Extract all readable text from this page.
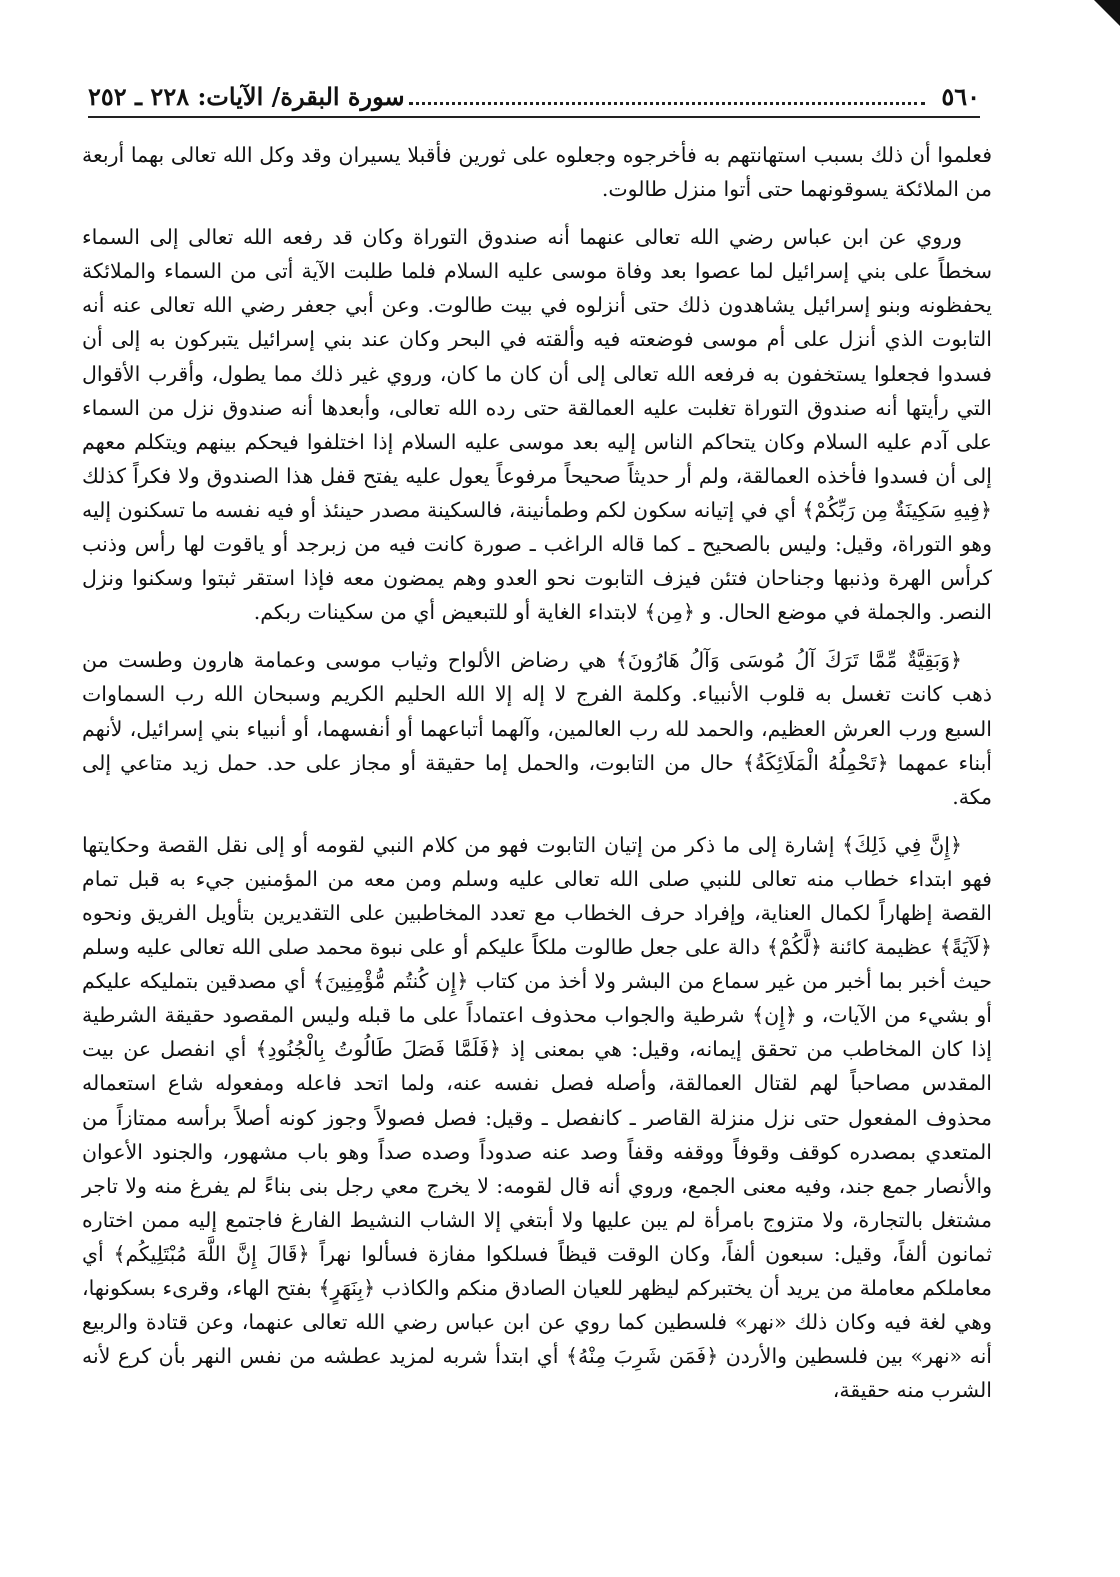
٥٦٠
سورة البقرة/ الآيات: ٢٢٨ ـ ٢٥٢

فعلموا أن ذلك بسبب استهانتهم به فأخرجوه وجعلوه على ثورين فأقبلا يسيران وقد وكل الله تعالى بهما أربعة من الملائكة يسوقونهما حتى أتوا منزل طالوت.

وروي عن ابن عباس رضي الله تعالى عنهما أنه صندوق التوراة وكان قد رفعه الله تعالى إلى السماء سخطاً على بني إسرائيل لما عصوا بعد وفاة موسى عليه السلام فلما طلبت الآية أتى من السماء والملائكة يحفظونه وبنو إسرائيل يشاهدون ذلك حتى أنزلوه في بيت طالوت. وعن أبي جعفر رضي الله تعالى عنه أنه التابوت الذي أنزل على أم موسى فوضعته فيه وألقته في البحر وكان عند بني إسرائيل يتبركون به إلى أن فسدوا فجعلوا يستخفون به فرفعه الله تعالى إلى أن كان ما كان، وروي غير ذلك مما يطول، وأقرب الأقوال التي رأيتها أنه صندوق التوراة تغلبت عليه العمالقة حتى رده الله تعالى، وأبعدها أنه صندوق نزل من السماء على آدم عليه السلام وكان يتحاكم الناس إليه بعد موسى عليه السلام إذا اختلفوا فيحكم بينهم ويتكلم معهم إلى أن فسدوا فأخذه العمالقة، ولم أر حديثاً صحيحاً مرفوعاً يعول عليه يفتح قفل هذا الصندوق ولا فكراً كذلك ﴿فِيهِ سَكِينَةٌ مِن رَبِّكُمْ﴾ أي في إتيانه سكون لكم وطمأنينة، فالسكينة مصدر حينئذ أو فيه نفسه ما تسكنون إليه وهو التوراة، وقيل: وليس بالصحيح ـ كما قاله الراغب ـ صورة كانت فيه من زبرجد أو ياقوت لها رأس وذنب كرأس الهرة وذنبها وجناحان فتئن فيزف التابوت نحو العدو وهم يمضون معه فإذا استقر ثبتوا وسكنوا ونزل النصر. والجملة في موضع الحال. و ﴿مِن﴾ لابتداء الغاية أو للتبعيض أي من سكينات ربكم.

﴿وَبَقِيَّةٌ مِّمَّا تَرَكَ آلُ مُوسَى وَآلُ هَارُونَ﴾ هي رضاض الألواح وثياب موسى وعمامة هارون وطست من ذهب كانت تغسل به قلوب الأنبياء. وكلمة الفرج لا إله إلا الله الحليم الكريم وسبحان الله رب السماوات السبع ورب العرش العظيم، والحمد لله رب العالمين، وآلهما أتباعهما أو أنفسهما، أو أنبياء بني إسرائيل، لأنهم أبناء عمهما ﴿تَحْمِلُهُ الْمَلَائِكَةُ﴾ حال من التابوت، والحمل إما حقيقة أو مجاز على حد. حمل زيد متاعي إلى مكة.

﴿إِنَّ فِي ذَلِكَ﴾ إشارة إلى ما ذكر من إتيان التابوت فهو من كلام النبي لقومه أو إلى نقل القصة وحكايتها فهو ابتداء خطاب منه تعالى للنبي صلى الله تعالى عليه وسلم ومن معه من المؤمنين جيء به قبل تمام القصة إظهاراً لكمال العناية، وإفراد حرف الخطاب مع تعدد المخاطبين على التقديرين بتأويل الفريق ونحوه ﴿لَآيَةً﴾ عظيمة كائنة ﴿لَّكُمْ﴾ دالة على جعل طالوت ملكاً عليكم أو على نبوة محمد صلى الله تعالى عليه وسلم حيث أخبر بما أخبر من غير سماع من البشر ولا أخذ من كتاب ﴿إِن كُنتُم مُّؤْمِنِينَ﴾ أي مصدقين بتمليكه عليكم أو بشيء من الآيات، و ﴿إِن﴾ شرطية والجواب محذوف اعتماداً على ما قبله وليس المقصود حقيقة الشرطية إذا كان المخاطب من تحقق إيمانه، وقيل: هي بمعنى إذ ﴿فَلَمَّا فَصَلَ طَالُوتُ بِالْجُنُودِ﴾ أي انفصل عن بيت المقدس مصاحباً لهم لقتال العمالقة، وأصله فصل نفسه عنه، ولما اتحد فاعله ومفعوله شاع استعماله محذوف المفعول حتى نزل منزلة القاصر ـ كانفصل ـ وقيل: فصل فصولاً وجوز كونه أصلاً برأسه ممتازاً من المتعدي بمصدره كوقف وقوفاً ووقفه وقفاً وصد عنه صدوداً وصده صداً وهو باب مشهور، والجنود الأعوان والأنصار جمع جند، وفيه معنى الجمع، وروي أنه قال لقومه: لا يخرج معي رجل بنى بناءً لم يفرغ منه ولا تاجر مشتغل بالتجارة، ولا متزوج بامرأة لم يبن عليها ولا أبتغي إلا الشاب النشيط الفارغ فاجتمع إليه ممن اختاره ثمانون ألفاً، وقيل: سبعون ألفاً، وكان الوقت قيظاً فسلكوا مفازة فسألوا نهراً ﴿قَالَ إِنَّ اللَّهَ مُبْتَلِيكُم﴾ أي معاملكم معاملة من يريد أن يختبركم ليظهر للعيان الصادق منكم والكاذب ﴿بِنَهَرٍ﴾ بفتح الهاء، وقرىء بسكونها، وهي لغة فيه وكان ذلك «نهر» فلسطين كما روي عن ابن عباس رضي الله تعالى عنهما، وعن قتادة والربيع أنه «نهر» بين فلسطين والأردن ﴿فَمَن شَرِبَ مِنْهُ﴾ أي ابتدأ شربه لمزيد عطشه من نفس النهر بأن كرع لأنه الشرب منه حقيقة،
